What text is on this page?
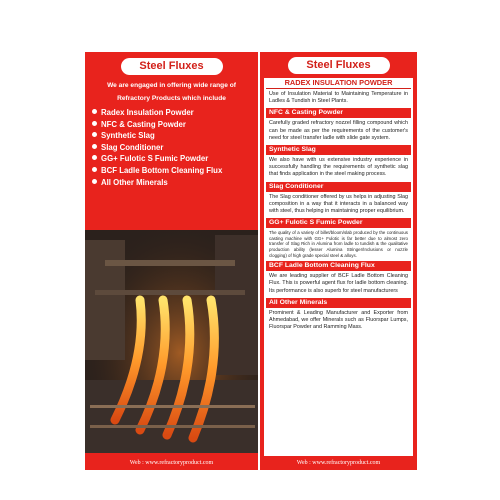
Steel Fluxes
We are engaged in offering wide range of
Refractory Products which include
Radex Insulation Powder
NFC & Casting Powder
Synthetic Slag
Slag Conditioner
GG+ Fulotic S Fumic Powder
BCF Ladle Bottom Cleaning Flux
All Other Minerals
Web : www.refractoryproduct.com
Steel Fluxes
RADEX INSULATION POWDER
Use of Insulation Material to Maintaining Temperature in Ladles & Tundish in Steel Plants.
NFC & Casting Powder
Carefully graded refractory nozzel filling compound which can be made as per the requirements of the customer's need for steel transfer ladle with slide gate system.
Synthetic Slag
We also have with us extensive industry experience in successfully handling the requirements of synthetic slag that finds application in the steel making process.
Slag Conditioner
The Slag conditioner offered by us helps in adjusting Slag composition in a way that it interacts in a balanced way with steel, thus helping in maintaining proper equilibrium.
GG+ Fulotic S Fumic Powder
The quality of a variety of billet/bloom/slab produced by the continuous casting machine with GG+ Fulotic is far better due to almost zero transfer of Slag Rich in Alumina from ladle to tundish & the qualitative production ability (lesser Alumina Stringer/Inclusions or nozzle clogging) of high grade special steel & alloys.
BCF Ladle Bottom Cleaning Flux
We are leading supplier of BCF Ladle Bottom Cleaning Flux. This is powerful agent flux for ladle bottom cleaning. Its performance is also superb for steel manufacturers
All Other Minerals
Prominent & Leading Manufacturer and Exporter from Ahmedabad, we offer Minerals such as Fluorspar Lumps, Fluorspar Powder and Ramming Mass.
Web : www.refractoryproduct.com
